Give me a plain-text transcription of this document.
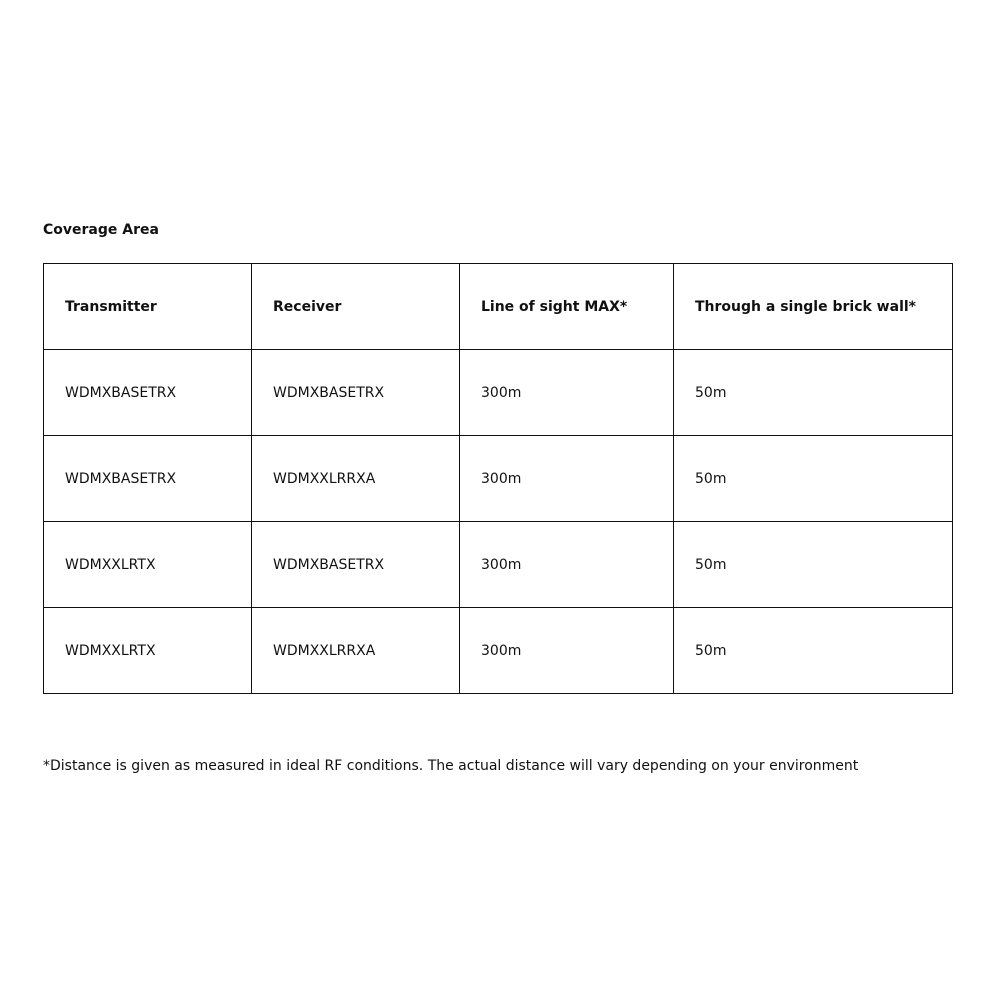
Coverage Area
Transmitter	Receiver	Line of sight MAX*	Through a single brick wall*
WDMXBASETRX	WDMXBASETRX	300m	50m
WDMXBASETRX	WDMXXLRRXA	300m	50m
WDMXXLRTX	WDMXBASETRX	300m	50m
WDMXXLRTX	WDMXXLRRXA	300m	50m

*Distance is given as measured in ideal RF conditions. The actual distance will vary depending on your environment
